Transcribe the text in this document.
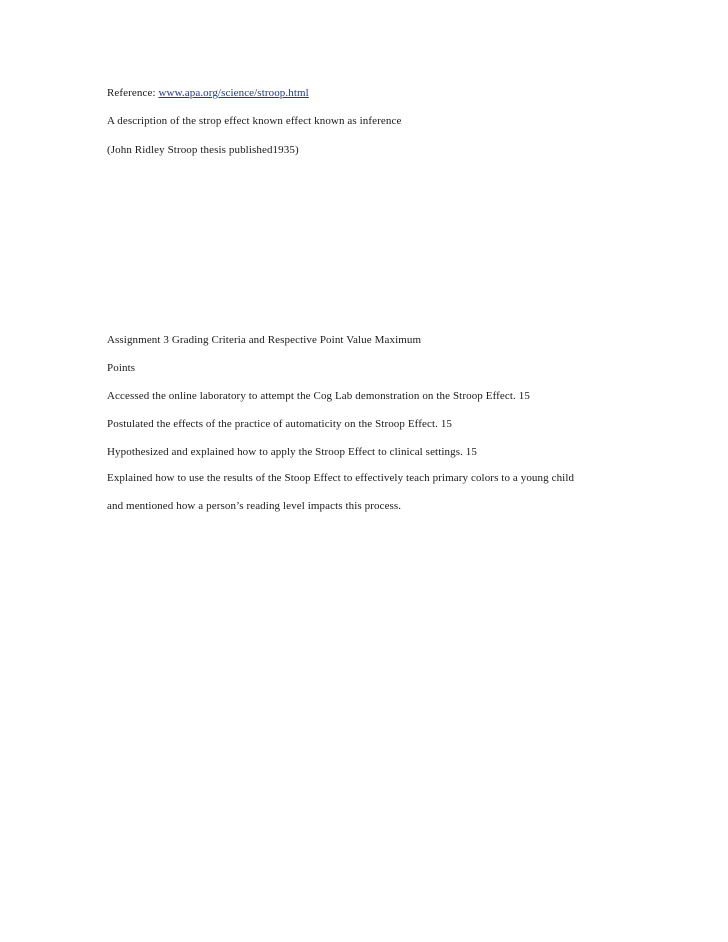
Reference: www.apa.org/science/stroop.html
A description of the strop effect known effect known as inference
(John Ridley Stroop thesis published1935)
Assignment 3 Grading Criteria and Respective Point Value Maximum
Points
Accessed the online laboratory to attempt the Cog Lab demonstration on the Stroop Effect. 15
Postulated the effects of the practice of automaticity on the Stroop Effect. 15
Hypothesized and explained how to apply the Stroop Effect to clinical settings. 15
Explained how to use the results of the Stoop Effect to effectively teach primary colors to a young child
and mentioned how a person’s reading level impacts this process.
